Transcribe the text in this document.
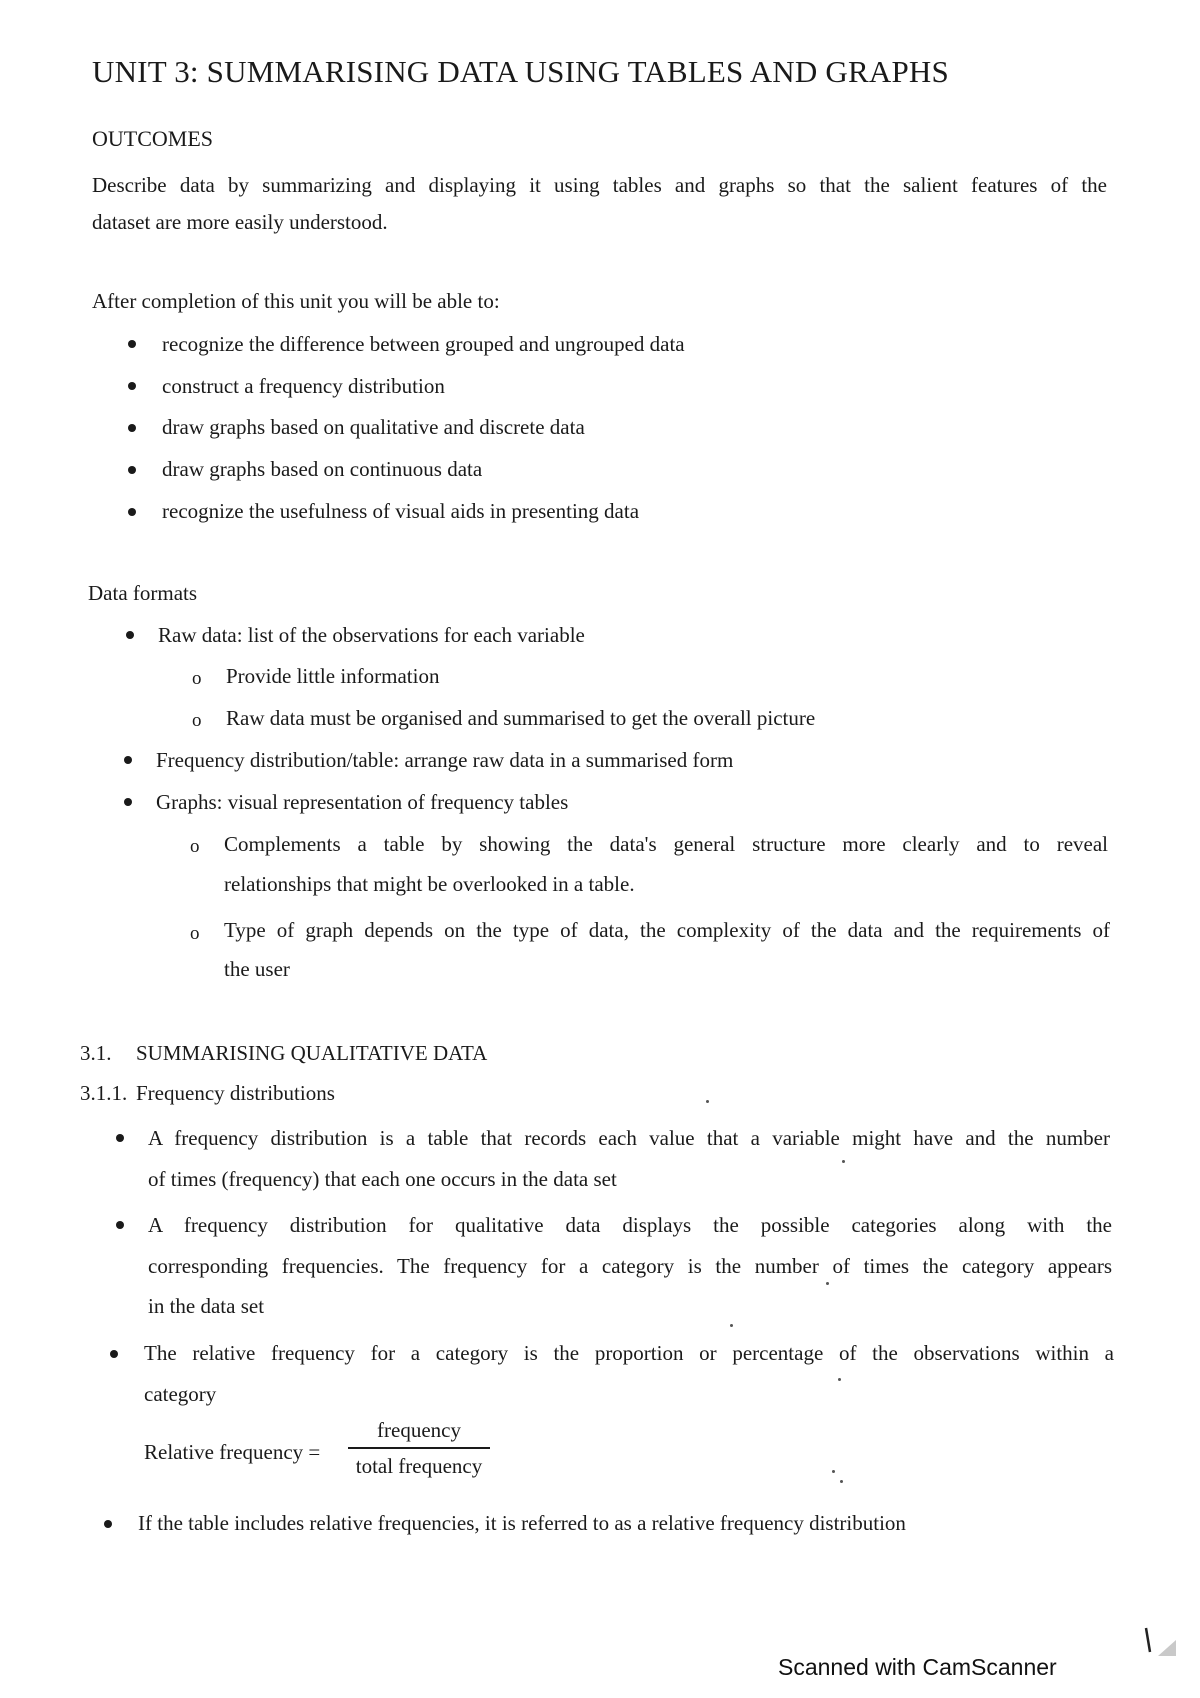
UNIT 3: SUMMARISING DATA USING TABLES AND GRAPHS
OUTCOMES
Describe data by summarizing and displaying it using tables and graphs so that the salient features of the
dataset are more easily understood.
After completion of this unit you will be able to:
recognize the difference between grouped and ungrouped data
construct a frequency distribution
draw graphs based on qualitative and discrete data
draw graphs based on continuous data
recognize the usefulness of visual aids in presenting data
Data formats
Raw data: list of the observations for each variable
o Provide little information
o Raw data must be organised and summarised to get the overall picture
Frequency distribution/table: arrange raw data in a summarised form
Graphs: visual representation of frequency tables
o Complements a table by showing the data's general structure more clearly and to reveal
relationships that might be overlooked in a table.
o Type of graph depends on the type of data, the complexity of the data and the requirements of
the user
3.1. SUMMARISING QUALITATIVE DATA
3.1.1. Frequency distributions
A frequency distribution is a table that records each value that a variable might have and the number
of times (frequency) that each one occurs in the data set
A frequency distribution for qualitative data displays the possible categories along with the
corresponding frequencies. The frequency for a category is the number of times the category appears
in the data set
The relative frequency for a category is the proportion or percentage of the observations within a
category
Relative frequency =
frequency
total frequency
If the table includes relative frequencies, it is referred to as a relative frequency distribution
Scanned with CamScanner
